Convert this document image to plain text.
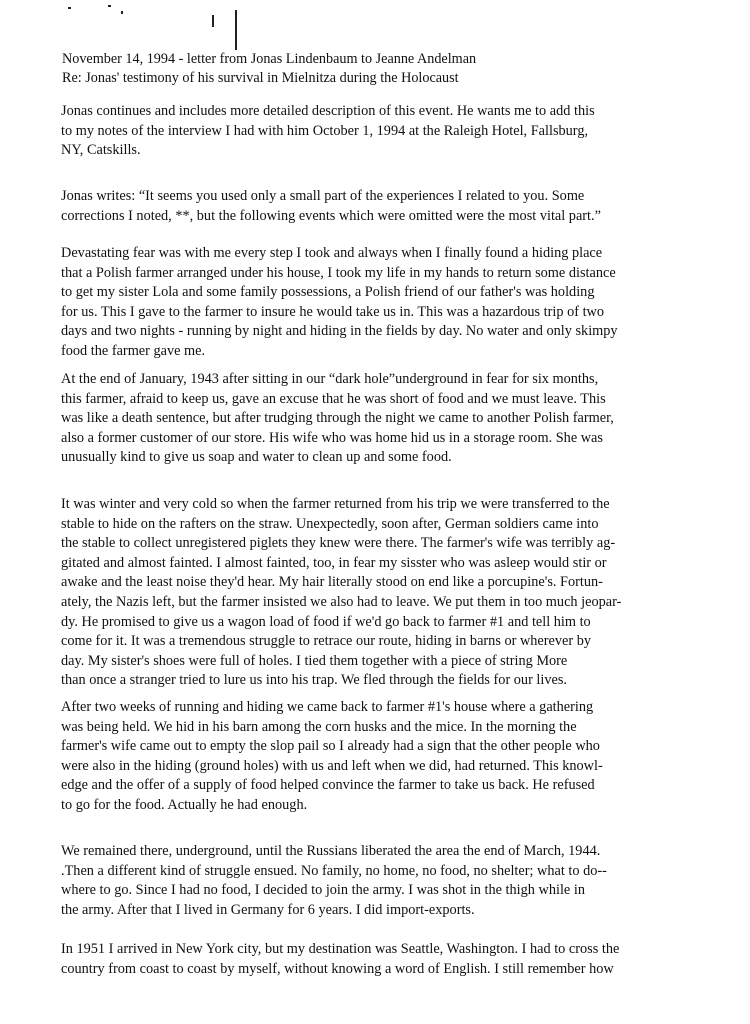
November 14, 1994 - letter from Jonas Lindenbaum to Jeanne Andelman
Re: Jonas' testimony of his survival in Mielnitza during the Holocaust

Jonas continues and includes more detailed description of this event. He wants me to add this
to my notes of the interview I had with him October 1, 1994 at the Raleigh Hotel, Fallsburg,
NY, Catskills.

Jonas writes: “It seems you used only a small part of the experiences I related to you. Some
corrections I noted, **, but the following events which were omitted were the most vital part.”

Devastating fear was with me every step I took and always when I finally found a hiding place
that a Polish farmer arranged under his house, I took my life in my hands to return some distance
to get my sister Lola and some family possessions, a Polish friend of our father's was holding
for us. This I gave to the farmer to insure he would take us in. This was a hazardous trip of two
days and two nights - running by night and hiding in the fields by day. No water and only skimpy
food the farmer gave me.

At the end of January, 1943 after sitting in our “dark hole”underground in fear for six months,
this farmer, afraid to keep us, gave an excuse that he was short of food and we must leave. This
was like a death sentence, but after trudging through the night we came to another Polish farmer,
also a former customer of our store. His wife who was home hid us in a storage room. She was
unusually kind to give us soap and water to clean up and some food.

It was winter and very cold so when the farmer returned from his trip we were transferred to the
stable to hide on the rafters on the straw. Unexpectedly, soon after, German soldiers came into
the stable to collect unregistered piglets they knew were there. The farmer's wife was terribly ag-
gitated and almost fainted. I almost fainted, too, in fear my sisster who was asleep would stir or
awake and the least noise they'd hear. My hair literally stood on end like a porcupine's. Fortun-
ately, the Nazis left, but the farmer insisted we also had to leave. We put them in too much jeopar-
dy. He promised to give us a wagon load of food if we'd go back to farmer #1 and tell him to
come for it. It was a tremendous struggle to retrace our route, hiding in barns or wherever by
day. My sister's shoes were full of holes. I tied them together with a piece of string More
than once a stranger tried to lure us into his trap. We fled through the fields for our lives.

After two weeks of running and hiding we came back to farmer #1's house where a gathering
was being held. We hid in his barn among the corn husks and the mice. In the morning the
farmer's wife came out to empty the slop pail so I already had a sign that the other people who
were also in the hiding (ground holes) with us and left when we did, had returned. This knowl-
edge and the offer of a supply of food helped convince the farmer to take us back. He refused
to go for the food. Actually he had enough.

We remained there, underground, until the Russians liberated the area the end of March, 1944.
.Then a different kind of struggle ensued. No family, no home, no food, no shelter; what to do--
where to go. Since I had no food, I decided to join the army. I was shot in the thigh while in
the army. After that I lived in Germany for 6 years. I did import-exports.

In 1951 I arrived in New York city, but my destination was Seattle, Washington. I had to cross the
country from coast to coast by myself, without knowing a word of English. I still remember how
